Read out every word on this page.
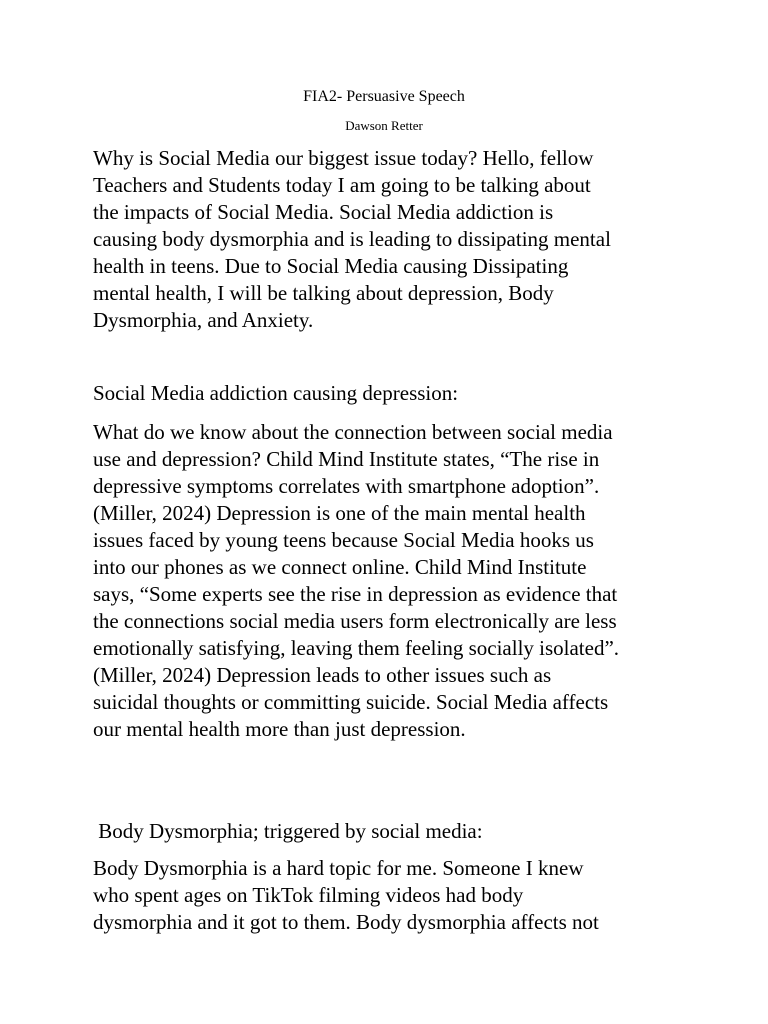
FIA2- Persuasive Speech
Dawson Retter

Why is Social Media our biggest issue today? Hello, fellow
Teachers and Students today I am going to be talking about
the impacts of Social Media. Social Media addiction is
causing body dysmorphia and is leading to dissipating mental
health in teens. Due to Social Media causing Dissipating
mental health, I will be talking about depression, Body
Dysmorphia, and Anxiety.

Social Media addiction causing depression:

What do we know about the connection between social media
use and depression? Child Mind Institute states, “The rise in
depressive symptoms correlates with smartphone adoption”.
(Miller, 2024) Depression is one of the main mental health
issues faced by young teens because Social Media hooks us
into our phones as we connect online. Child Mind Institute
says, “Some experts see the rise in depression as evidence that
the connections social media users form electronically are less
emotionally satisfying, leaving them feeling socially isolated”.
(Miller, 2024) Depression leads to other issues such as
suicidal thoughts or committing suicide. Social Media affects
our mental health more than just depression.

Body Dysmorphia; triggered by social media:

Body Dysmorphia is a hard topic for me. Someone I knew
who spent ages on TikTok filming videos had body
dysmorphia and it got to them. Body dysmorphia affects not
